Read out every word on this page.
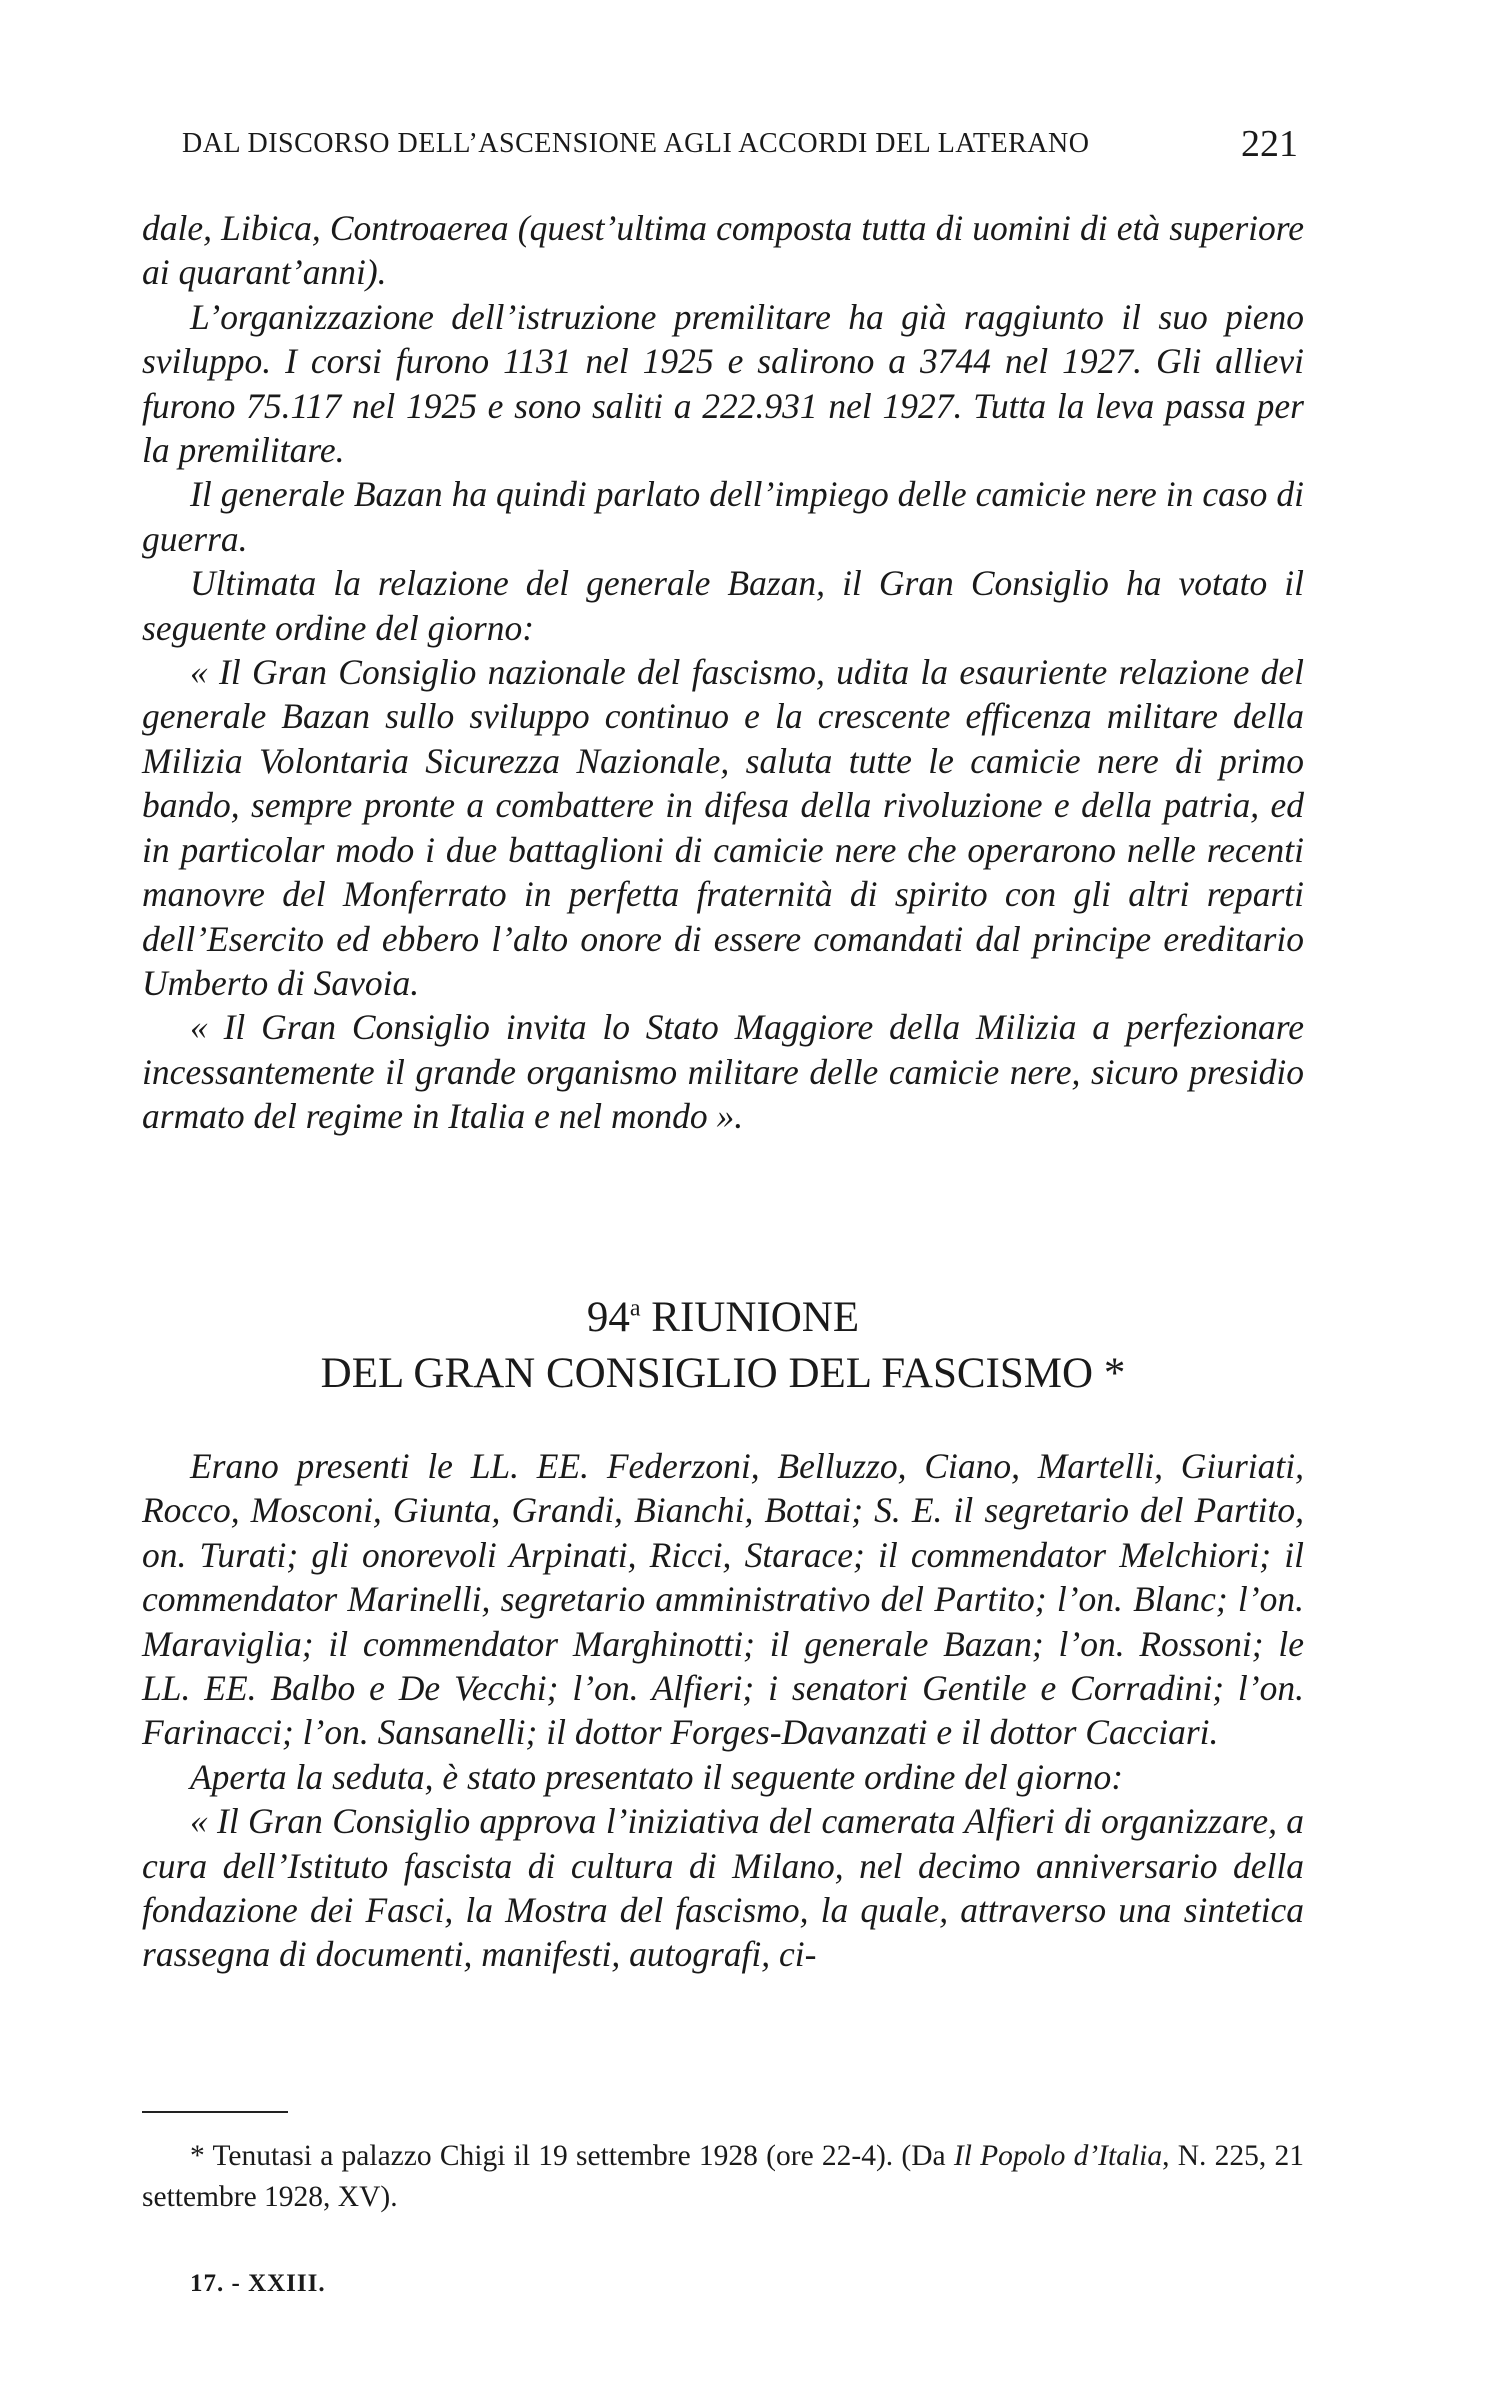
DAL DISCORSO DELL’ASCENSIONE AGLI ACCORDI DEL LATERANO	221

dale, Libica, Controaerea (quest’ultima composta tutta di uomini di età superiore ai quarant’anni).

L’organizzazione dell’istruzione premilitare ha già raggiunto il suo pieno sviluppo. I corsi furono 1131 nel 1925 e salirono a 3744 nel 1927. Gli allievi furono 75.117 nel 1925 e sono saliti a 222.931 nel 1927. Tutta la leva passa per la premilitare.

Il generale Bazan ha quindi parlato dell’impiego delle camicie nere in caso di guerra.

Ultimata la relazione del generale Bazan, il Gran Consiglio ha votato il seguente ordine del giorno:

« Il Gran Consiglio nazionale del fascismo, udita la esauriente relazione del generale Bazan sullo sviluppo continuo e la crescente efficenza militare della Milizia Volontaria Sicurezza Nazionale, saluta tutte le camicie nere di primo bando, sempre pronte a combattere in difesa della rivoluzione e della patria, ed in particolar modo i due battaglioni di camicie nere che operarono nelle recenti manovre del Monferrato in perfetta fraternità di spirito con gli altri reparti dell’Esercito ed ebbero l’alto onore di essere comandati dal principe ereditario Umberto di Savoia.

« Il Gran Consiglio invita lo Stato Maggiore della Milizia a perfezionare incessantemente il grande organismo militare delle camicie nere, sicuro presidio armato del regime in Italia e nel mondo ».

94$^a$ RIUNIONE
DEL GRAN CONSIGLIO DEL FASCISMO *

Erano presenti le LL. EE. Federzoni, Belluzzo, Ciano, Martelli, Giuriati, Rocco, Mosconi, Giunta, Grandi, Bianchi, Bottai; S. E. il segretario del Partito, on. Turati; gli onorevoli Arpinati, Ricci, Starace; il commendator Melchiori; il commendator Marinelli, segretario amministrativo del Partito; l’on. Blanc; l’on. Maraviglia; il commendator Marghinotti; il generale Bazan; l’on. Rossoni; le LL. EE. Balbo e De Vecchi; l’on. Alfieri; i senatori Gentile e Corradini; l’on. Farinacci; l’on. Sansanelli; il dottor Forges-Davanzati e il dottor Cacciari.

Aperta la seduta, è stato presentato il seguente ordine del giorno:

« Il Gran Consiglio approva l’iniziativa del camerata Alfieri di organizzare, a cura dell’Istituto fascista di cultura di Milano, nel decimo anniversario della fondazione dei Fasci, la Mostra del fascismo, la quale, attraverso una sintetica rassegna di documenti, manifesti, autografi, ci-

* Tenutasi a palazzo Chigi il 19 settembre 1928 (ore 22-4). (Da Il Popolo d’Italia, N. 225, 21 settembre 1928, XV).
17. - XXIII.
